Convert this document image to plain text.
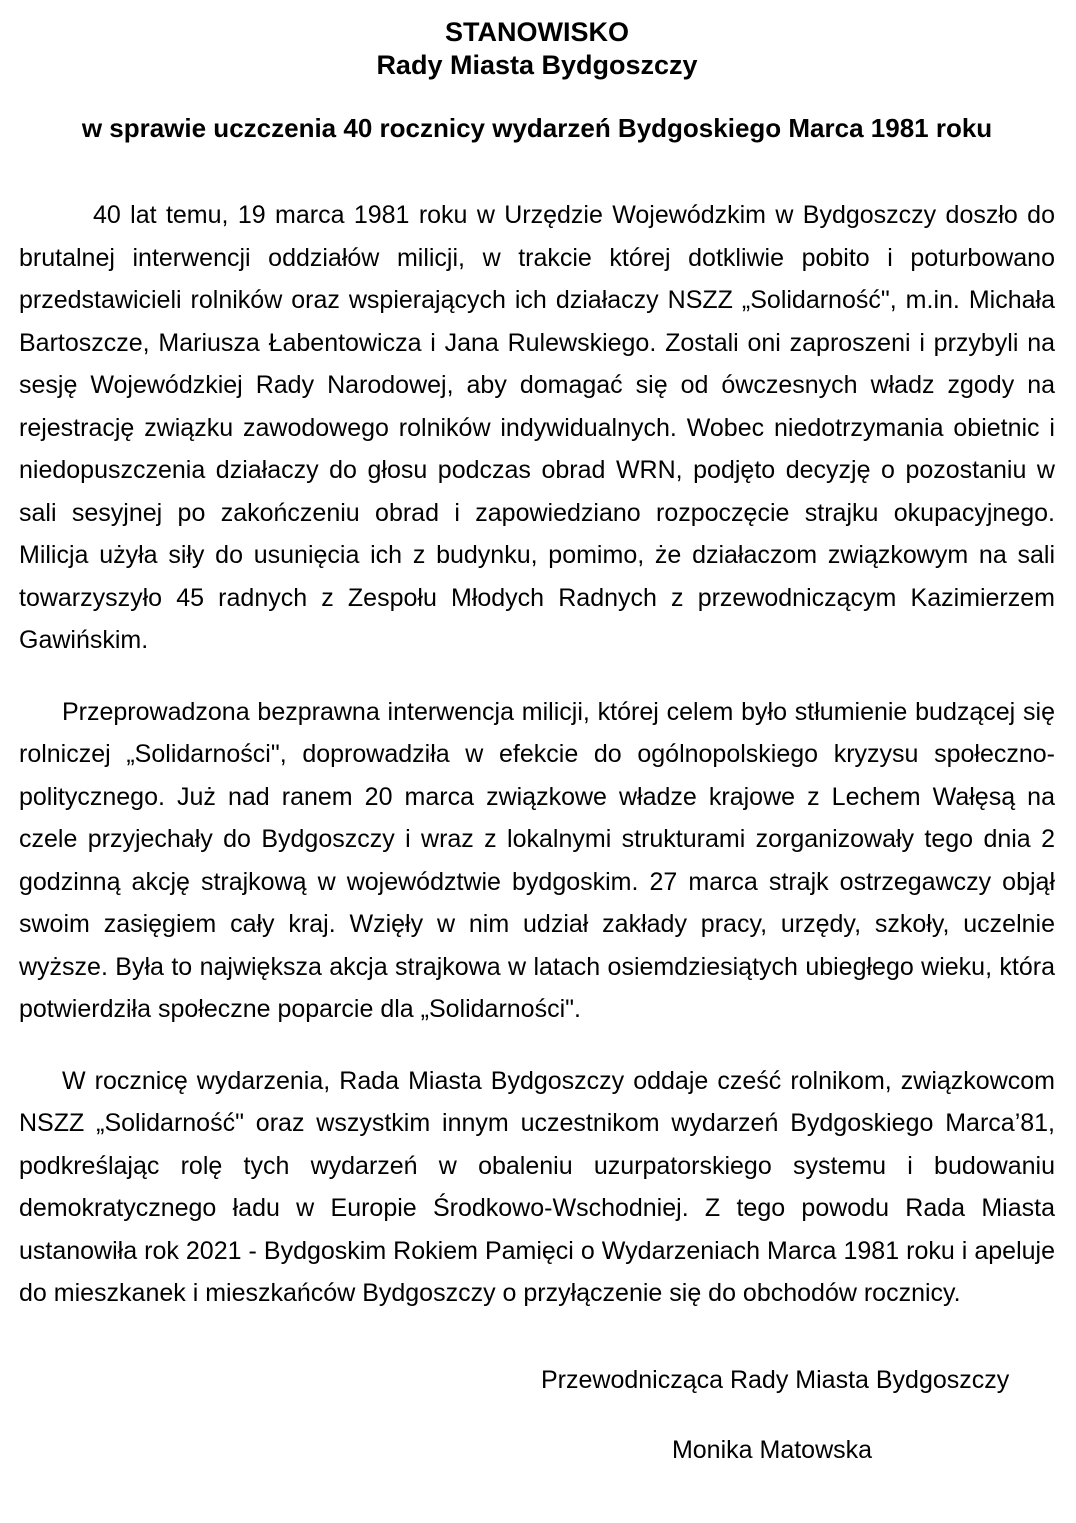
STANOWISKO
Rady Miasta Bydgoszczy
w sprawie uczczenia 40 rocznicy wydarzeń Bydgoskiego Marca 1981 roku

40 lat temu, 19 marca 1981 roku w Urzędzie Wojewódzkim w Bydgoszczy doszło do brutalnej interwencji oddziałów milicji, w trakcie której dotkliwie pobito i poturbowano przedstawicieli rolników oraz wspierających ich działaczy NSZZ „Solidarność", m.in. Michała Bartoszcze, Mariusza Łabentowicza i Jana Rulewskiego. Zostali oni zaproszeni i przybyli na sesję Wojewódzkiej Rady Narodowej, aby domagać się od ówczesnych władz zgody na rejestrację związku zawodowego rolników indywidualnych. Wobec niedotrzymania obietnic i niedopuszczenia działaczy do głosu podczas obrad WRN, podjęto decyzję o pozostaniu w sali sesyjnej po zakończeniu obrad i zapowiedziano rozpoczęcie strajku okupacyjnego. Milicja użyła siły do usunięcia ich z budynku, pomimo, że działaczom związkowym na sali towarzyszyło 45 radnych z Zespołu Młodych Radnych z przewodniczącym Kazimierzem Gawińskim.

Przeprowadzona bezprawna interwencja milicji, której celem było stłumienie budzącej się rolniczej „Solidarności", doprowadziła w efekcie do ogólnopolskiego kryzysu społeczno-politycznego. Już nad ranem 20 marca związkowe władze krajowe z Lechem Wałęsą na czele przyjechały do Bydgoszczy i wraz z lokalnymi strukturami zorganizowały tego dnia 2 godzinną akcję strajkową w województwie bydgoskim. 27 marca strajk ostrzegawczy objął swoim zasięgiem cały kraj. Wzięły w nim udział zakłady pracy, urzędy, szkoły, uczelnie wyższe. Była to największa akcja strajkowa w latach osiemdziesiątych ubiegłego wieku, która potwierdziła społeczne poparcie dla „Solidarności".

W rocznicę wydarzenia, Rada Miasta Bydgoszczy oddaje cześć rolnikom, związkowcom NSZZ „Solidarność" oraz wszystkim innym uczestnikom wydarzeń Bydgoskiego Marca’81, podkreślając rolę tych wydarzeń w obaleniu uzurpatorskiego systemu i budowaniu demokratycznego ładu w Europie Środkowo-Wschodniej. Z tego powodu Rada Miasta ustanowiła rok 2021 - Bydgoskim Rokiem Pamięci o Wydarzeniach Marca 1981 roku i apeluje do mieszkanek i mieszkańców Bydgoszczy o przyłączenie się do obchodów rocznicy.

Przewodnicząca Rady Miasta Bydgoszczy

Monika Matowska
